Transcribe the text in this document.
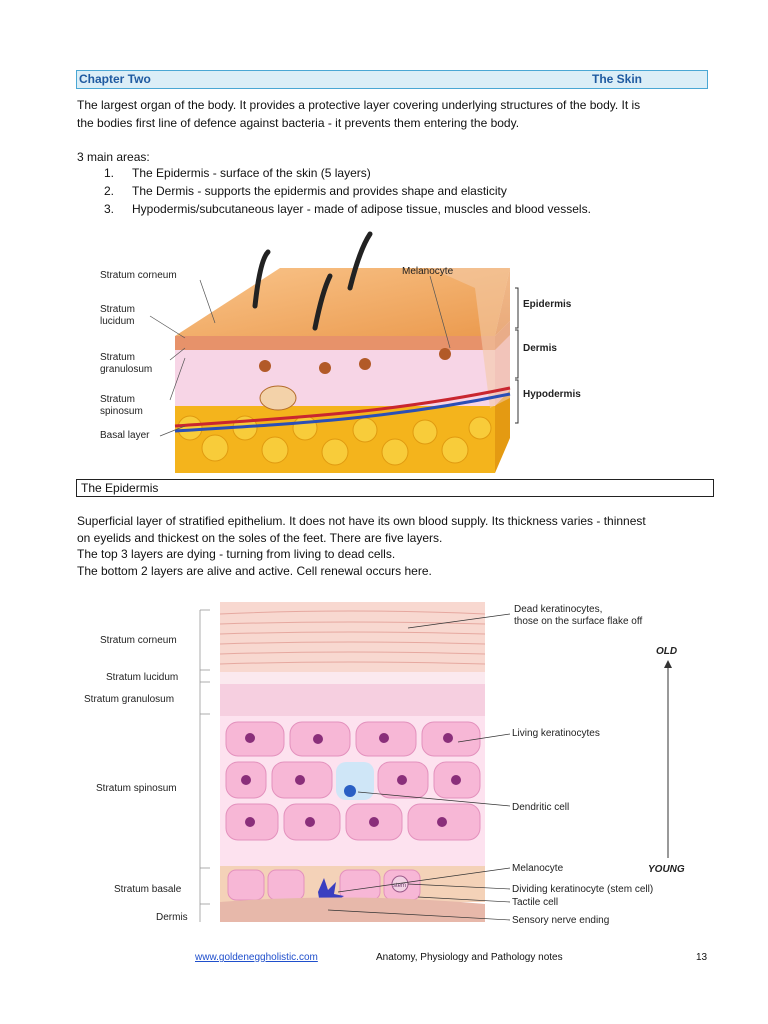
Chapter Two	The Skin
The largest organ of the body. It provides a protective layer covering underlying structures of the body. It is
the bodies first line of defence against bacteria - it prevents them entering the body.
3 main areas:
1. The Epidermis - surface of the skin (5 layers)
2. The Dermis - supports the epidermis and provides shape and elasticity
3. Hypodermis/subcutaneous layer - made of adipose tissue, muscles and blood vessels.
Stratum corneum
Stratum
lucidum
Stratum
granulosum
Stratum
spinosum
Basal layer
Melanocyte
Epidermis
Dermis
Hypodermis
The Epidermis
Superficial layer of stratified epithelium. It does not have its own blood supply. Its thickness varies - thinnest
on eyelids and thickest on the soles of the feet. There are five layers.
The top 3 layers are dying - turning from living to dead cells.
The bottom 2 layers are alive and active. Cell renewal occurs here.
stem
Stratum corneum
Stratum lucidum
Stratum granulosum
Stratum spinosum
Stratum basale
Dermis
Dead keratinocytes,
those on the surface flake off
Living keratinocytes
Dendritic cell
Melanocyte
Dividing keratinocyte (stem cell)
Tactile cell
Sensory nerve ending
OLD
YOUNG
www.goldeneggholistic.com	Anatomy, Physiology and Pathology notes	13
